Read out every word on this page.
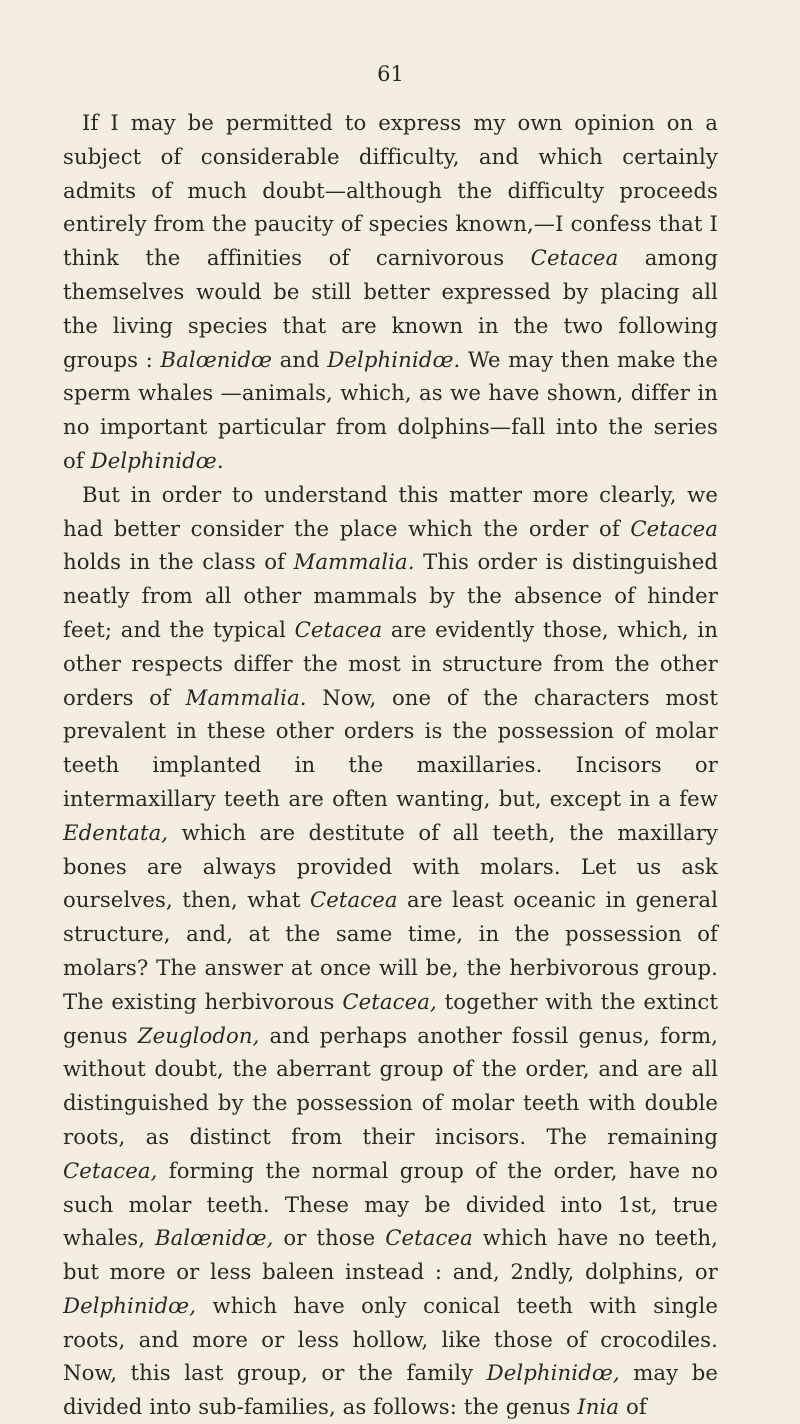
61

If I may be permitted to express my own opinion on a subject of considerable difficulty, and which certainly admits of much doubt—although the difficulty proceeds entirely from the paucity of species known,—I confess that I think the affinities of carnivorous Cetacea among themselves would be still better expressed by placing all the living species that are known in the two following groups : Balœnidœ and Delphinidœ. We may then make the sperm whales —animals, which, as we have shown, differ in no important particular from dolphins—fall into the series of Delphinidœ.

But in order to understand this matter more clearly, we had better consider the place which the order of Cetacea holds in the class of Mammalia. This order is distinguished neatly from all other mammals by the absence of hinder feet; and the typical Cetacea are evidently those, which, in other respects differ the most in structure from the other orders of Mammalia. Now, one of the characters most prevalent in these other orders is the possession of molar teeth implanted in the maxillaries. Incisors or intermaxillary teeth are often wanting, but, except in a few Edentata, which are destitute of all teeth, the maxillary bones are always provided with molars. Let us ask ourselves, then, what Cetacea are least oceanic in general structure, and, at the same time, in the possession of molars? The answer at once will be, the herbivorous group. The existing herbivorous Cetacea, together with the extinct genus Zeuglodon, and perhaps another fossil genus, form, without doubt, the aberrant group of the order, and are all distinguished by the possession of molar teeth with double roots, as distinct from their incisors. The remaining Cetacea, forming the normal group of the order, have no such molar teeth. These may be divided into 1st, true whales, Balœnidœ, or those Cetacea which have no teeth, but more or less baleen instead : and, 2ndly, dolphins, or Delphinidœ, which have only conical teeth with single roots, and more or less hollow, like those of crocodiles. Now, this last group, or the family Delphinidœ, may be divided into sub-families, as follows: the genus Inia of
